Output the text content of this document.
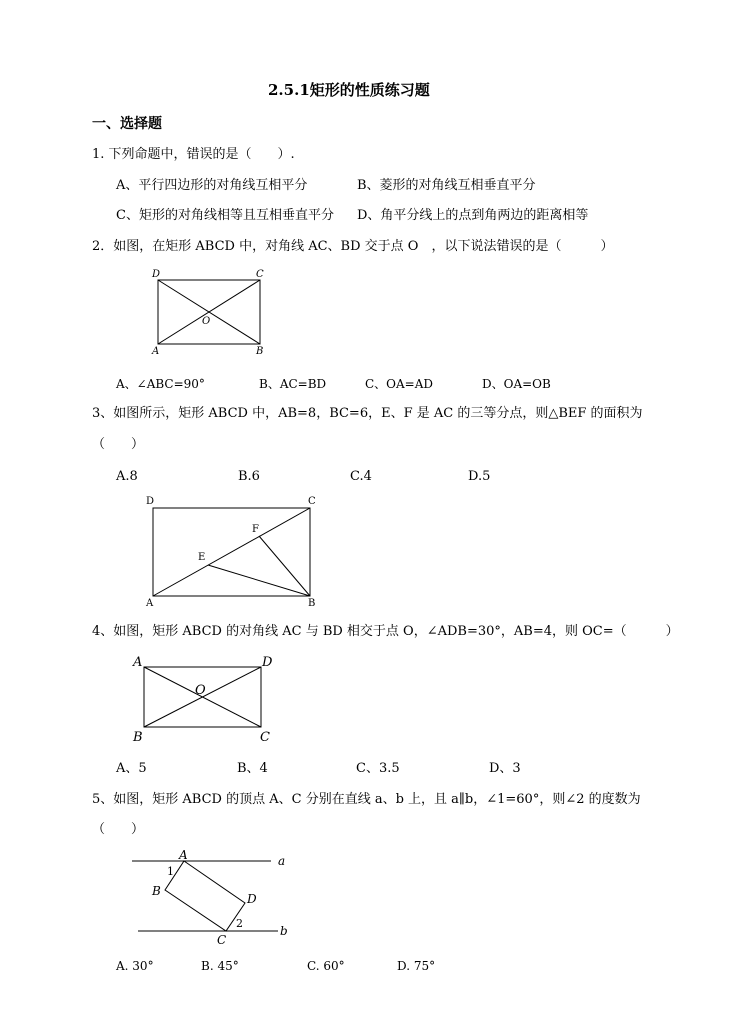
2.5.1矩形的性质练习题
一、选择题
1. 下列命题中，错误的是（　　）.
A、平行四边形的对角线互相平分	B、菱形的对角线互相垂直平分
C、矩形的对角线相等且互相垂直平分 D、角平分线上的点到角两边的距离相等
2．如图，在矩形 ABCD 中，对角线 AC、BD 交于点 O　，以下说法错误的是（　　　）
D	C
A	B
O
A、∠ABC=90°	B、AC=BD	C、OA=AD	D、OA=OB
3、如图所示，矩形 ABCD 中，AB=8，BC=6，E、F 是 AC 的三等分点，则△BEF 的面积为
（　　）
A.8	B.6	C.4	D.5
D	C
A	B
E
F
4、如图，矩形 ABCD 的对角线 AC 与 BD 相交于点 O，∠ADB=30°，AB=4，则 OC=（　　　）
A	D
B	C
O
A、5	B、4	C、3.5	D、3
5、如图，矩形 ABCD 的顶点 A、C 分别在直线 a、b 上，且 a∥b，∠1=60°，则∠2 的度数为
（　　）
A
B
C
D
a
b
1
2
A. 30°	B. 45°	C. 60°	D. 75°
